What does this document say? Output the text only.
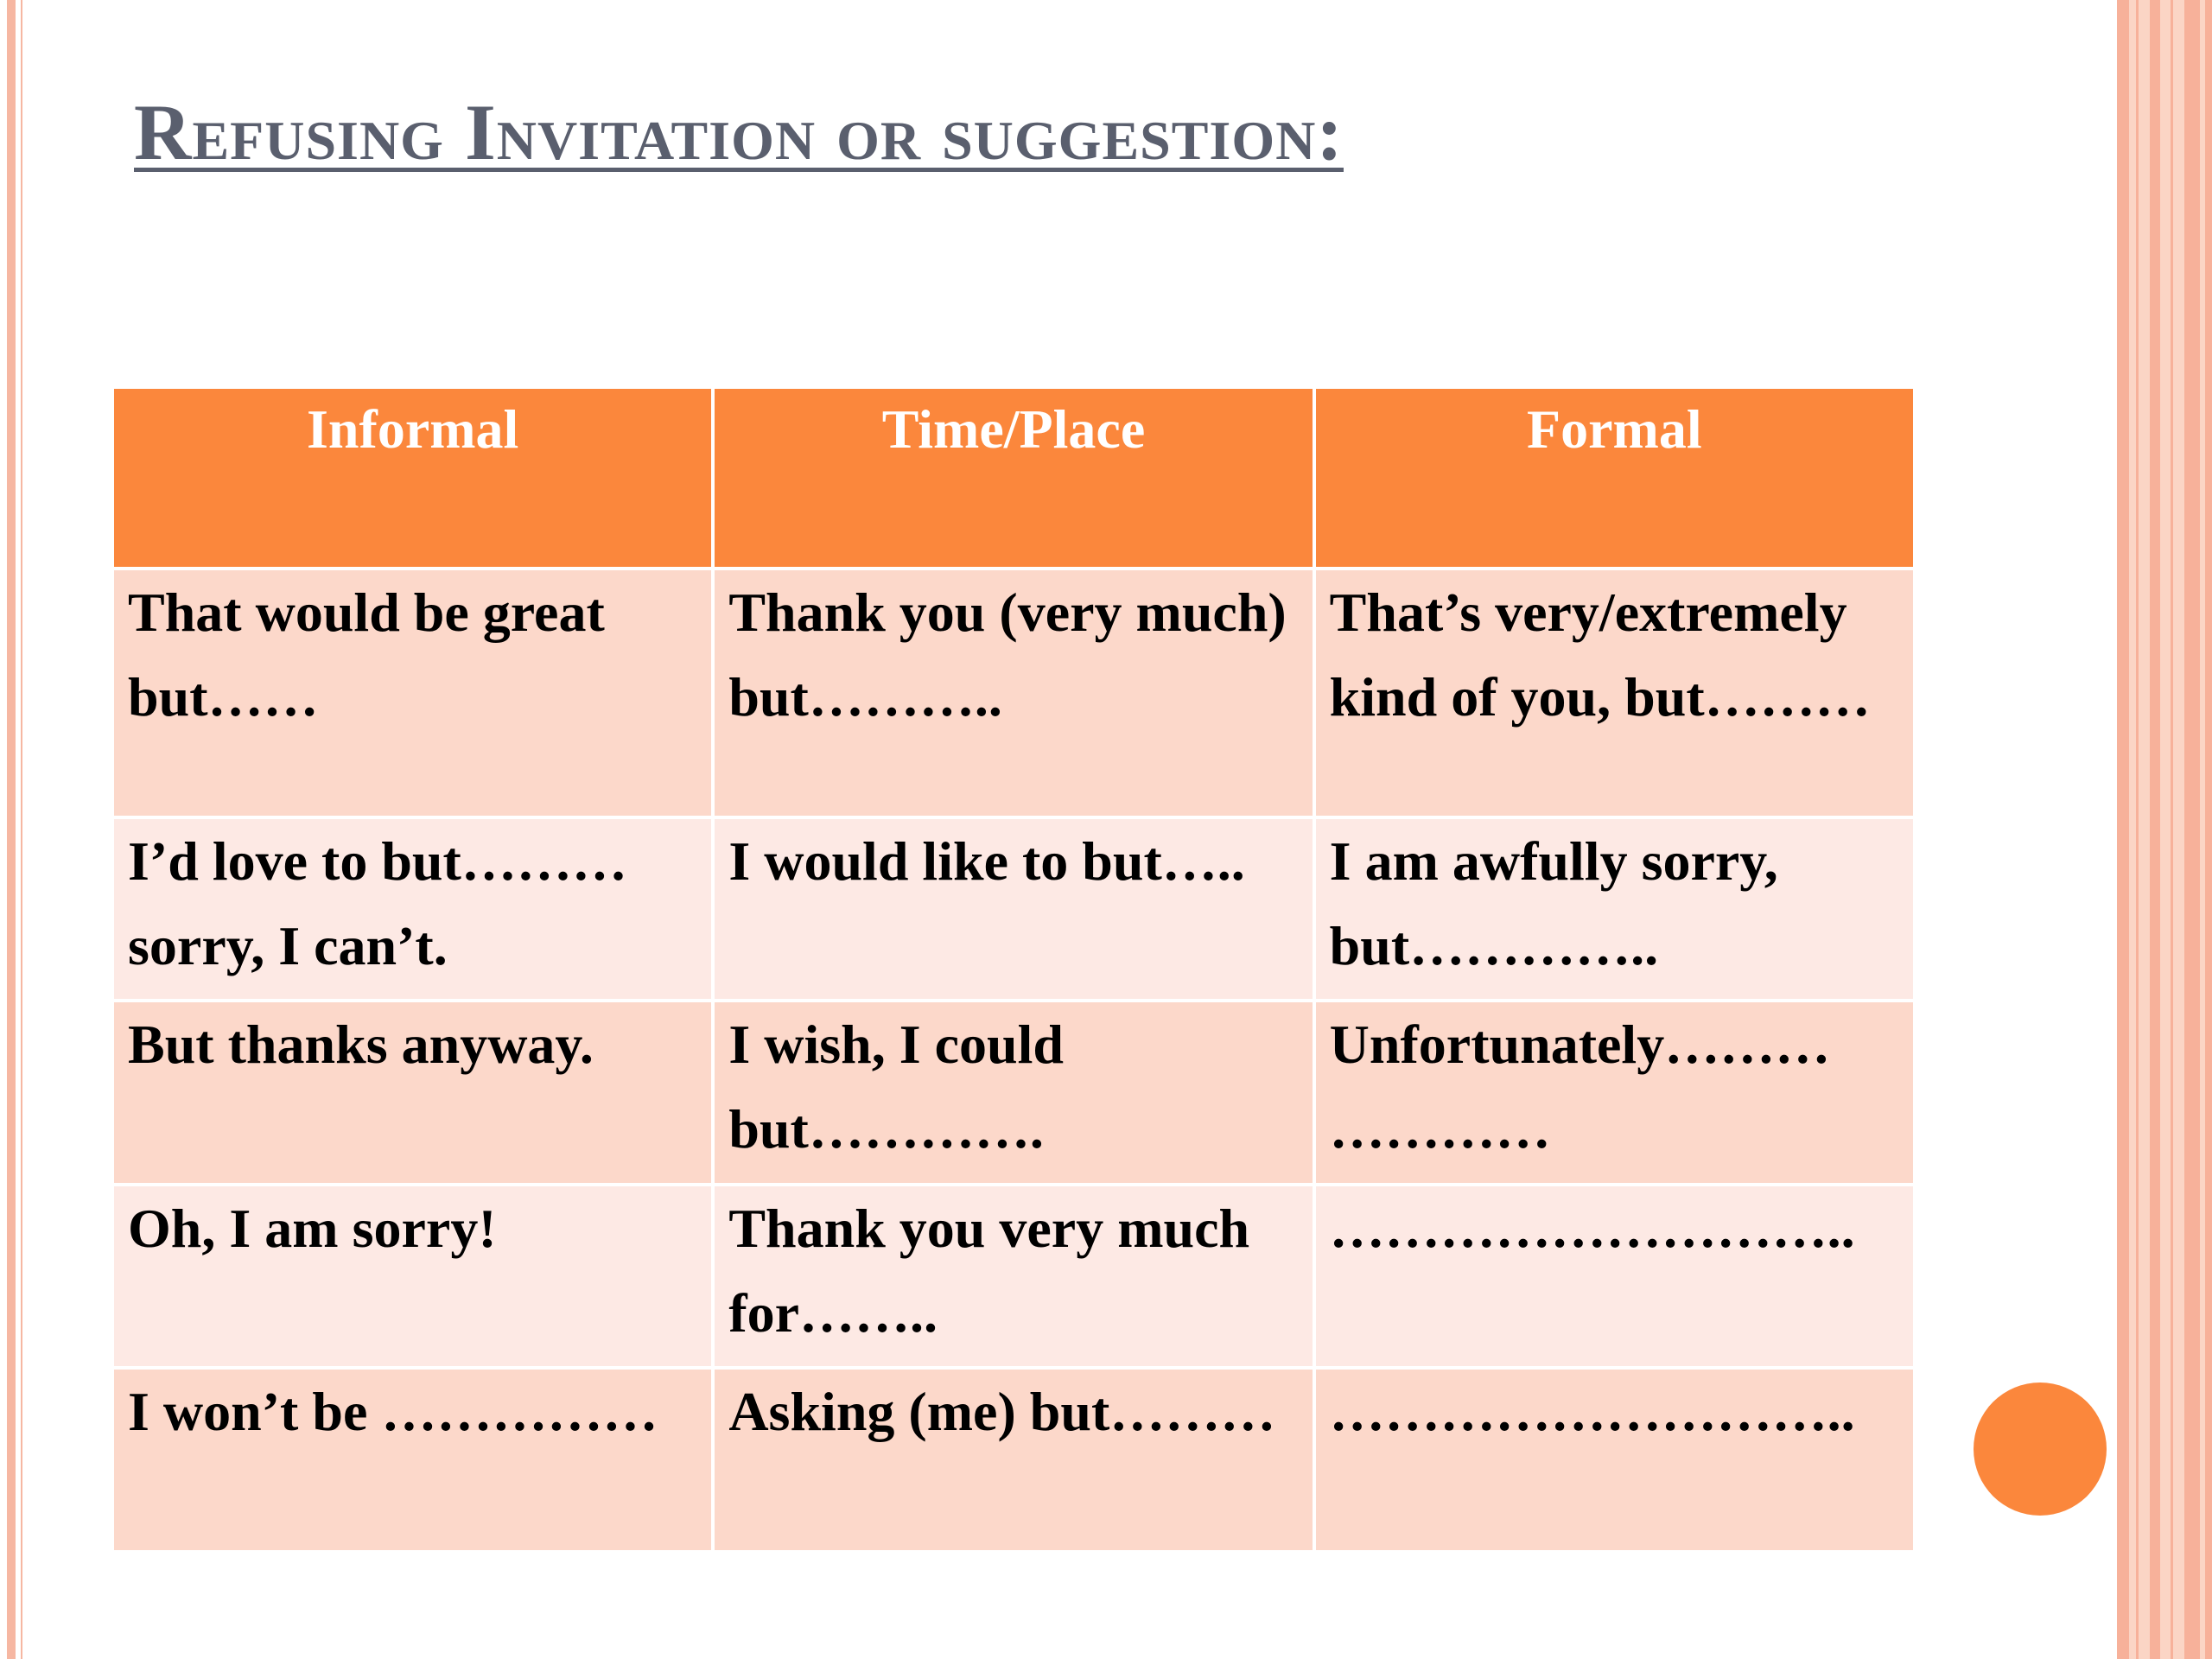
Refusing Invitation or suggestion:
Informal	Time/Place	Formal
That would be great but……	Thank you (very much) but………..	That’s very/extremely kind of you, but………
I’d love to but……… sorry, I can’t.	I would like to but…..	I am awfully sorry, but…………..
But thanks anyway.	I wish, I could but………….	Unfortunately……… …………
Oh, I am sorry!	Thank you very much for……..	………………………..
I won’t be ……………	Asking (me) but………	………………………..
